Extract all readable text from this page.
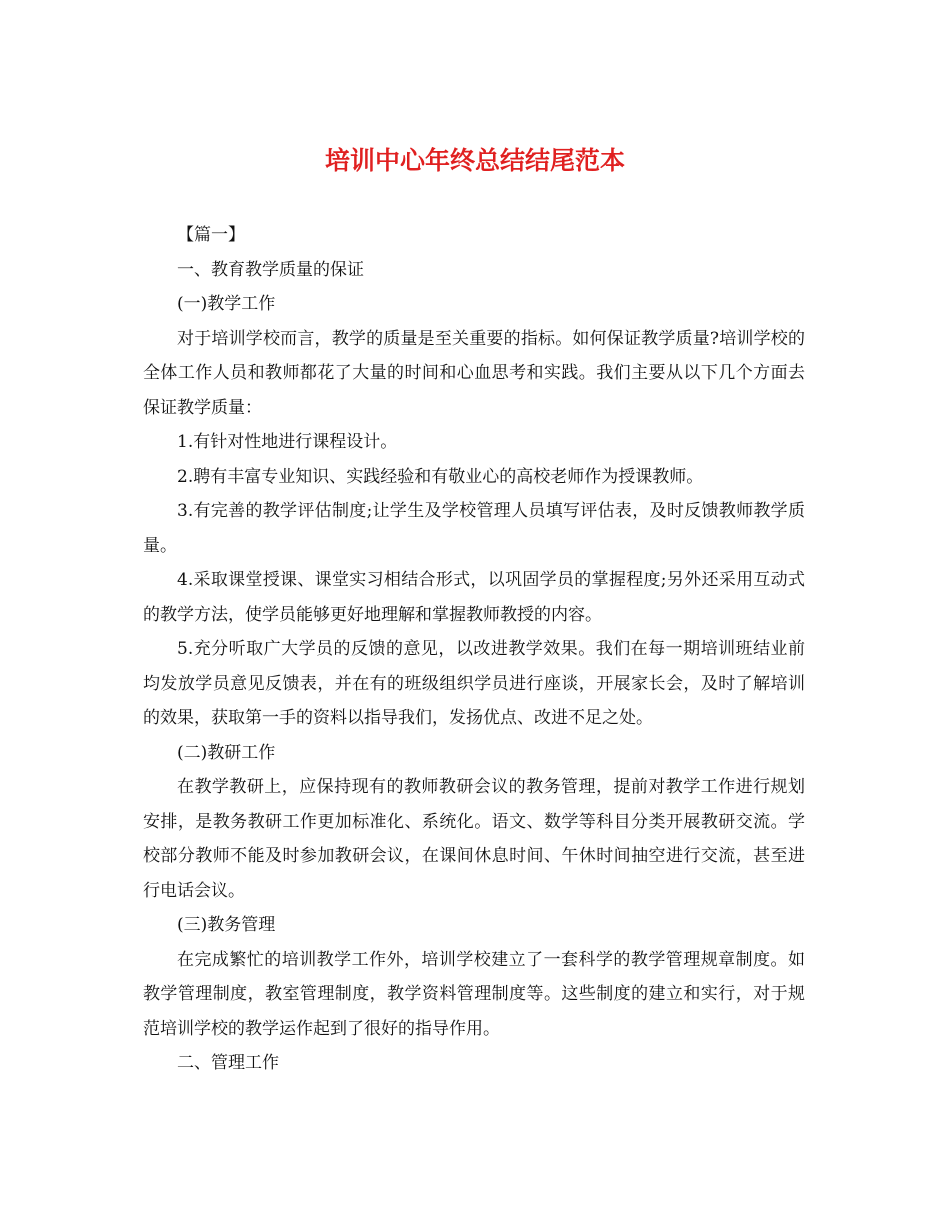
培训中心年终总结结尾范本

【篇一】

一、教育教学质量的保证

(一)教学工作

对于培训学校而言，教学的质量是至关重要的指标。如何保证教学质量?培训学校的全体工作人员和教师都花了大量的时间和心血思考和实践。我们主要从以下几个方面去保证教学质量：

1.有针对性地进行课程设计。

2.聘有丰富专业知识、实践经验和有敬业心的高校老师作为授课教师。

3.有完善的教学评估制度;让学生及学校管理人员填写评估表，及时反馈教师教学质量。

4.采取课堂授课、课堂实习相结合形式，以巩固学员的掌握程度;另外还采用互动式的教学方法，使学员能够更好地理解和掌握教师教授的内容。

5.充分听取广大学员的反馈的意见，以改进教学效果。我们在每一期培训班结业前均发放学员意见反馈表，并在有的班级组织学员进行座谈，开展家长会，及时了解培训的效果，获取第一手的资料以指导我们，发扬优点、改进不足之处。

(二)教研工作

在教学教研上，应保持现有的教师教研会议的教务管理，提前对教学工作进行规划安排，是教务教研工作更加标准化、系统化。语文、数学等科目分类开展教研交流。学校部分教师不能及时参加教研会议，在课间休息时间、午休时间抽空进行交流，甚至进行电话会议。

(三)教务管理

在完成繁忙的培训教学工作外，培训学校建立了一套科学的教学管理规章制度。如教学管理制度，教室管理制度，教学资料管理制度等。这些制度的建立和实行，对于规范培训学校的教学运作起到了很好的指导作用。

二、管理工作
